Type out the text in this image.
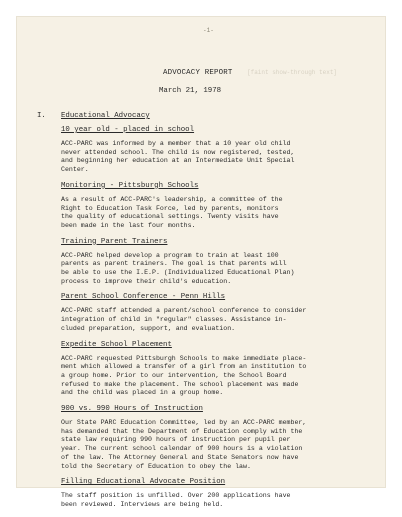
-1-
[faint show-through text]
ADVOCACY REPORT
March 21, 1978
I. Educational Advocacy
10 year old - placed in school
ACC-PARC was informed by a member that a 10 year old child
never attended school. The child is now registered, tested,
and beginning her education at an Intermediate Unit Special
Center.
Monitoring - Pittsburgh Schools
As a result of ACC-PARC's leadership, a committee of the
Right to Education Task Force, led by parents, monitors
the quality of educational settings. Twenty visits have
been made in the last four months.
Training Parent Trainers
ACC-PARC helped develop a program to train at least 100
parents as parent trainers. The goal is that parents will
be able to use the I.E.P. (Individualized Educational Plan)
process to improve their child's education.
Parent School Conference - Penn Hills
ACC-PARC staff attended a parent/school conference to consider
integration of child in "regular" classes. Assistance in-
cluded preparation, support, and evaluation.
Expedite School Placement
ACC-PARC requested Pittsburgh Schools to make immediate place-
ment which allowed a transfer of a girl from an institution to
a group home. Prior to our intervention, the School Board
refused to make the placement. The school placement was made
and the child was placed in a group home.
900 vs. 990 Hours of Instruction
Our State PARC Education Committee, led by an ACC-PARC member,
has demanded that the Department of Education comply with the
state law requiring 990 hours of instruction per pupil per
year. The current school calendar of 900 hours is a violation
of the law. The Attorney General and State Senators now have
told the Secretary of Education to obey the law.
Filling Educational Advocate Position
The staff position is unfilled. Over 200 applications have
been reviewed. Interviews are being held.
